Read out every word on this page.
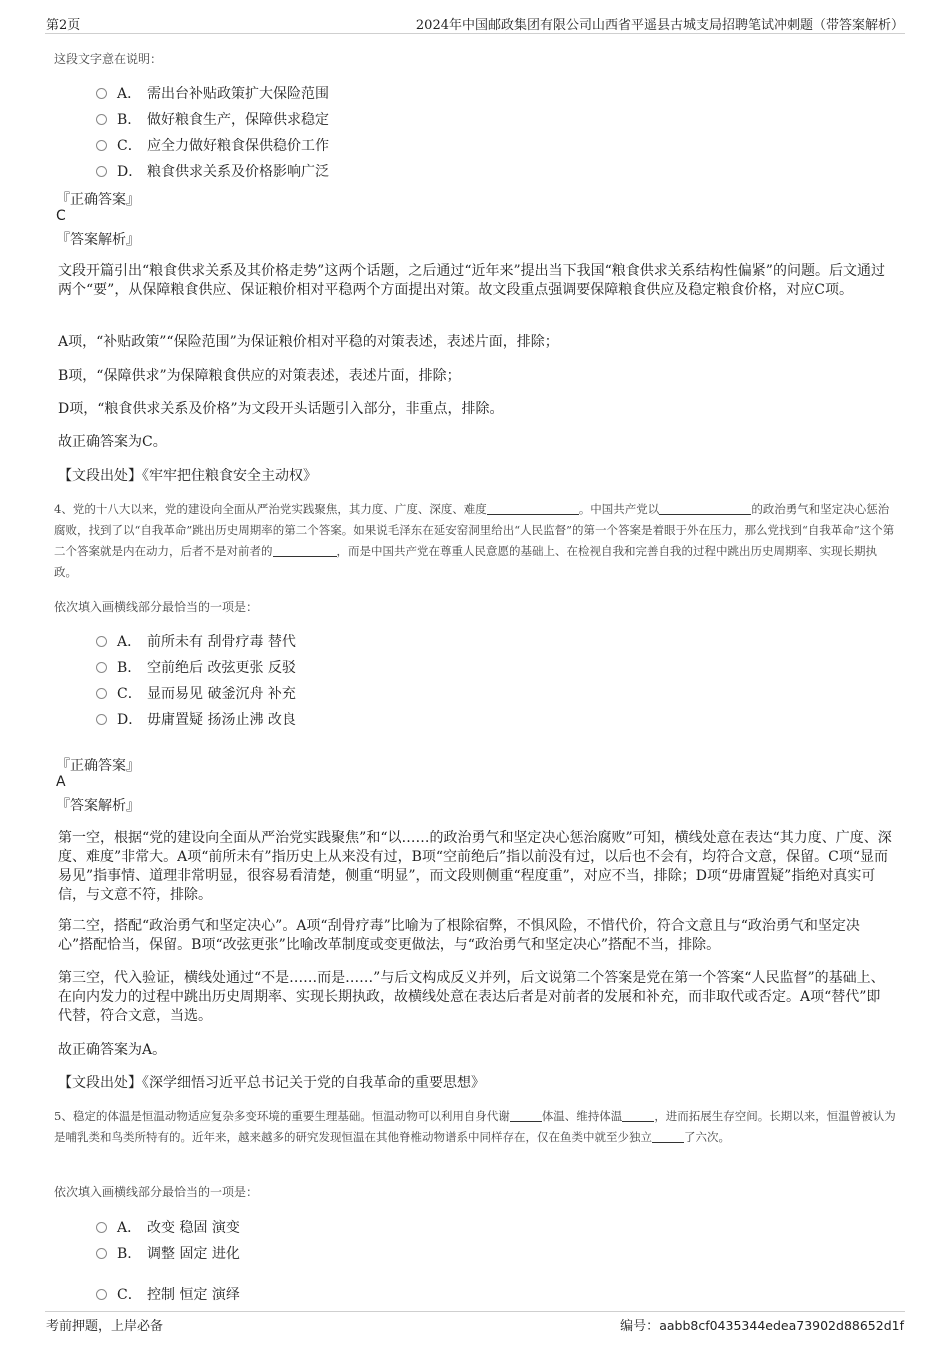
第2页	2024年中国邮政集团有限公司山西省平遥县古城支局招聘笔试冲刺题（带答案解析）
这段文字意在说明：
A． 需出台补贴政策扩大保险范围
B. 做好粮食生产，保障供求稳定
C． 应全力做好粮食保供稳价工作
D． 粮食供求关系及价格影响广泛
『正确答案』
C
『答案解析』
文段开篇引出“粮食供求关系及其价格走势”这两个话题，之后通过“近年来”提出当下我国“粮食供求关系结构性偏紧”的问题。后文通过两个“要”，从保障粮食供应、保证粮价相对平稳两个方面提出对策。故文段重点强调要保障粮食供应及稳定粮食价格，对应C项。
A项，“补贴政策”“保险范围”为保证粮价相对平稳的对策表述，表述片面，排除；
B项，“保障供求”为保障粮食供应的对策表述，表述片面，排除；
D项，“粮食供求关系及价格”为文段开头话题引入部分，非重点，排除。
故正确答案为C。
【文段出处】《牢牢把住粮食安全主动权》
4、党的十八大以来，党的建设向全面从严治党实践聚焦，其力度、广度、深度、难度	。中国共产党以	的政治勇气和坚定决心惩治腐败，找到了以“自我革命”跳出历史周期率的第二个答案。如果说毛泽东在延安窑洞里给出“人民监督”的第一个答案是着眼于外在压力，那么党找到“自我革命”这个第二个答案就是内在动力，后者不是对前者的	，而是中国共产党在尊重人民意愿的基础上、在检视自我和完善自我的过程中跳出历史周期率、实现长期执政。
依次填入画横线部分最恰当的一项是：
A． 前所未有 刮骨疗毒 替代
B. 空前绝后 改弦更张 反驳
C． 显而易见 破釜沉舟 补充
D． 毋庸置疑 扬汤止沸 改良
『正确答案』
A
『答案解析』
第一空，根据“党的建设向全面从严治党实践聚焦”和“以……的政治勇气和坚定决心惩治腐败”可知，横线处意在表达“其力度、广度、深度、难度”非常大。A项“前所未有”指历史上从来没有过，B项“空前绝后”指以前没有过，以后也不会有，均符合文意，保留。C项“显而易见”指事情、道理非常明显，很容易看清楚，侧重“明显”，而文段则侧重“程度重”，对应不当，排除；D项“毋庸置疑”指绝对真实可信，与文意不符，排除。
第二空，搭配“政治勇气和坚定决心”。A项“刮骨疗毒”比喻为了根除宿弊，不惧风险，不惜代价，符合文意且与“政治勇气和坚定决心”搭配恰当，保留。B项“改弦更张”比喻改革制度或变更做法，与“政治勇气和坚定决心”搭配不当，排除。
第三空，代入验证，横线处通过“不是……而是……”与后文构成反义并列，后文说第二个答案是党在第一个答案“人民监督”的基础上、在向内发力的过程中跳出历史周期率、实现长期执政，故横线处意在表达后者是对前者的发展和补充，而非取代或否定。A项“替代”即代替，符合文意，当选。
故正确答案为A。
【文段出处】《深学细悟习近平总书记关于党的自我革命的重要思想》
5、稳定的体温是恒温动物适应复杂多变环境的重要生理基础。恒温动物可以利用自身代谢	体温、维持体温	，进而拓展生存空间。长期以来，恒温曾被认为是哺乳类和鸟类所特有的。近年来，越来越多的研究发现恒温在其他脊椎动物谱系中同样存在，仅在鱼类中就至少独立	了六次。
依次填入画横线部分最恰当的一项是：
A． 改变 稳固 演变
B. 调整 固定 进化
C． 控制 恒定 演绎
考前押题，上岸必备	编号：aabb8cf0435344edea73902d88652d1f
